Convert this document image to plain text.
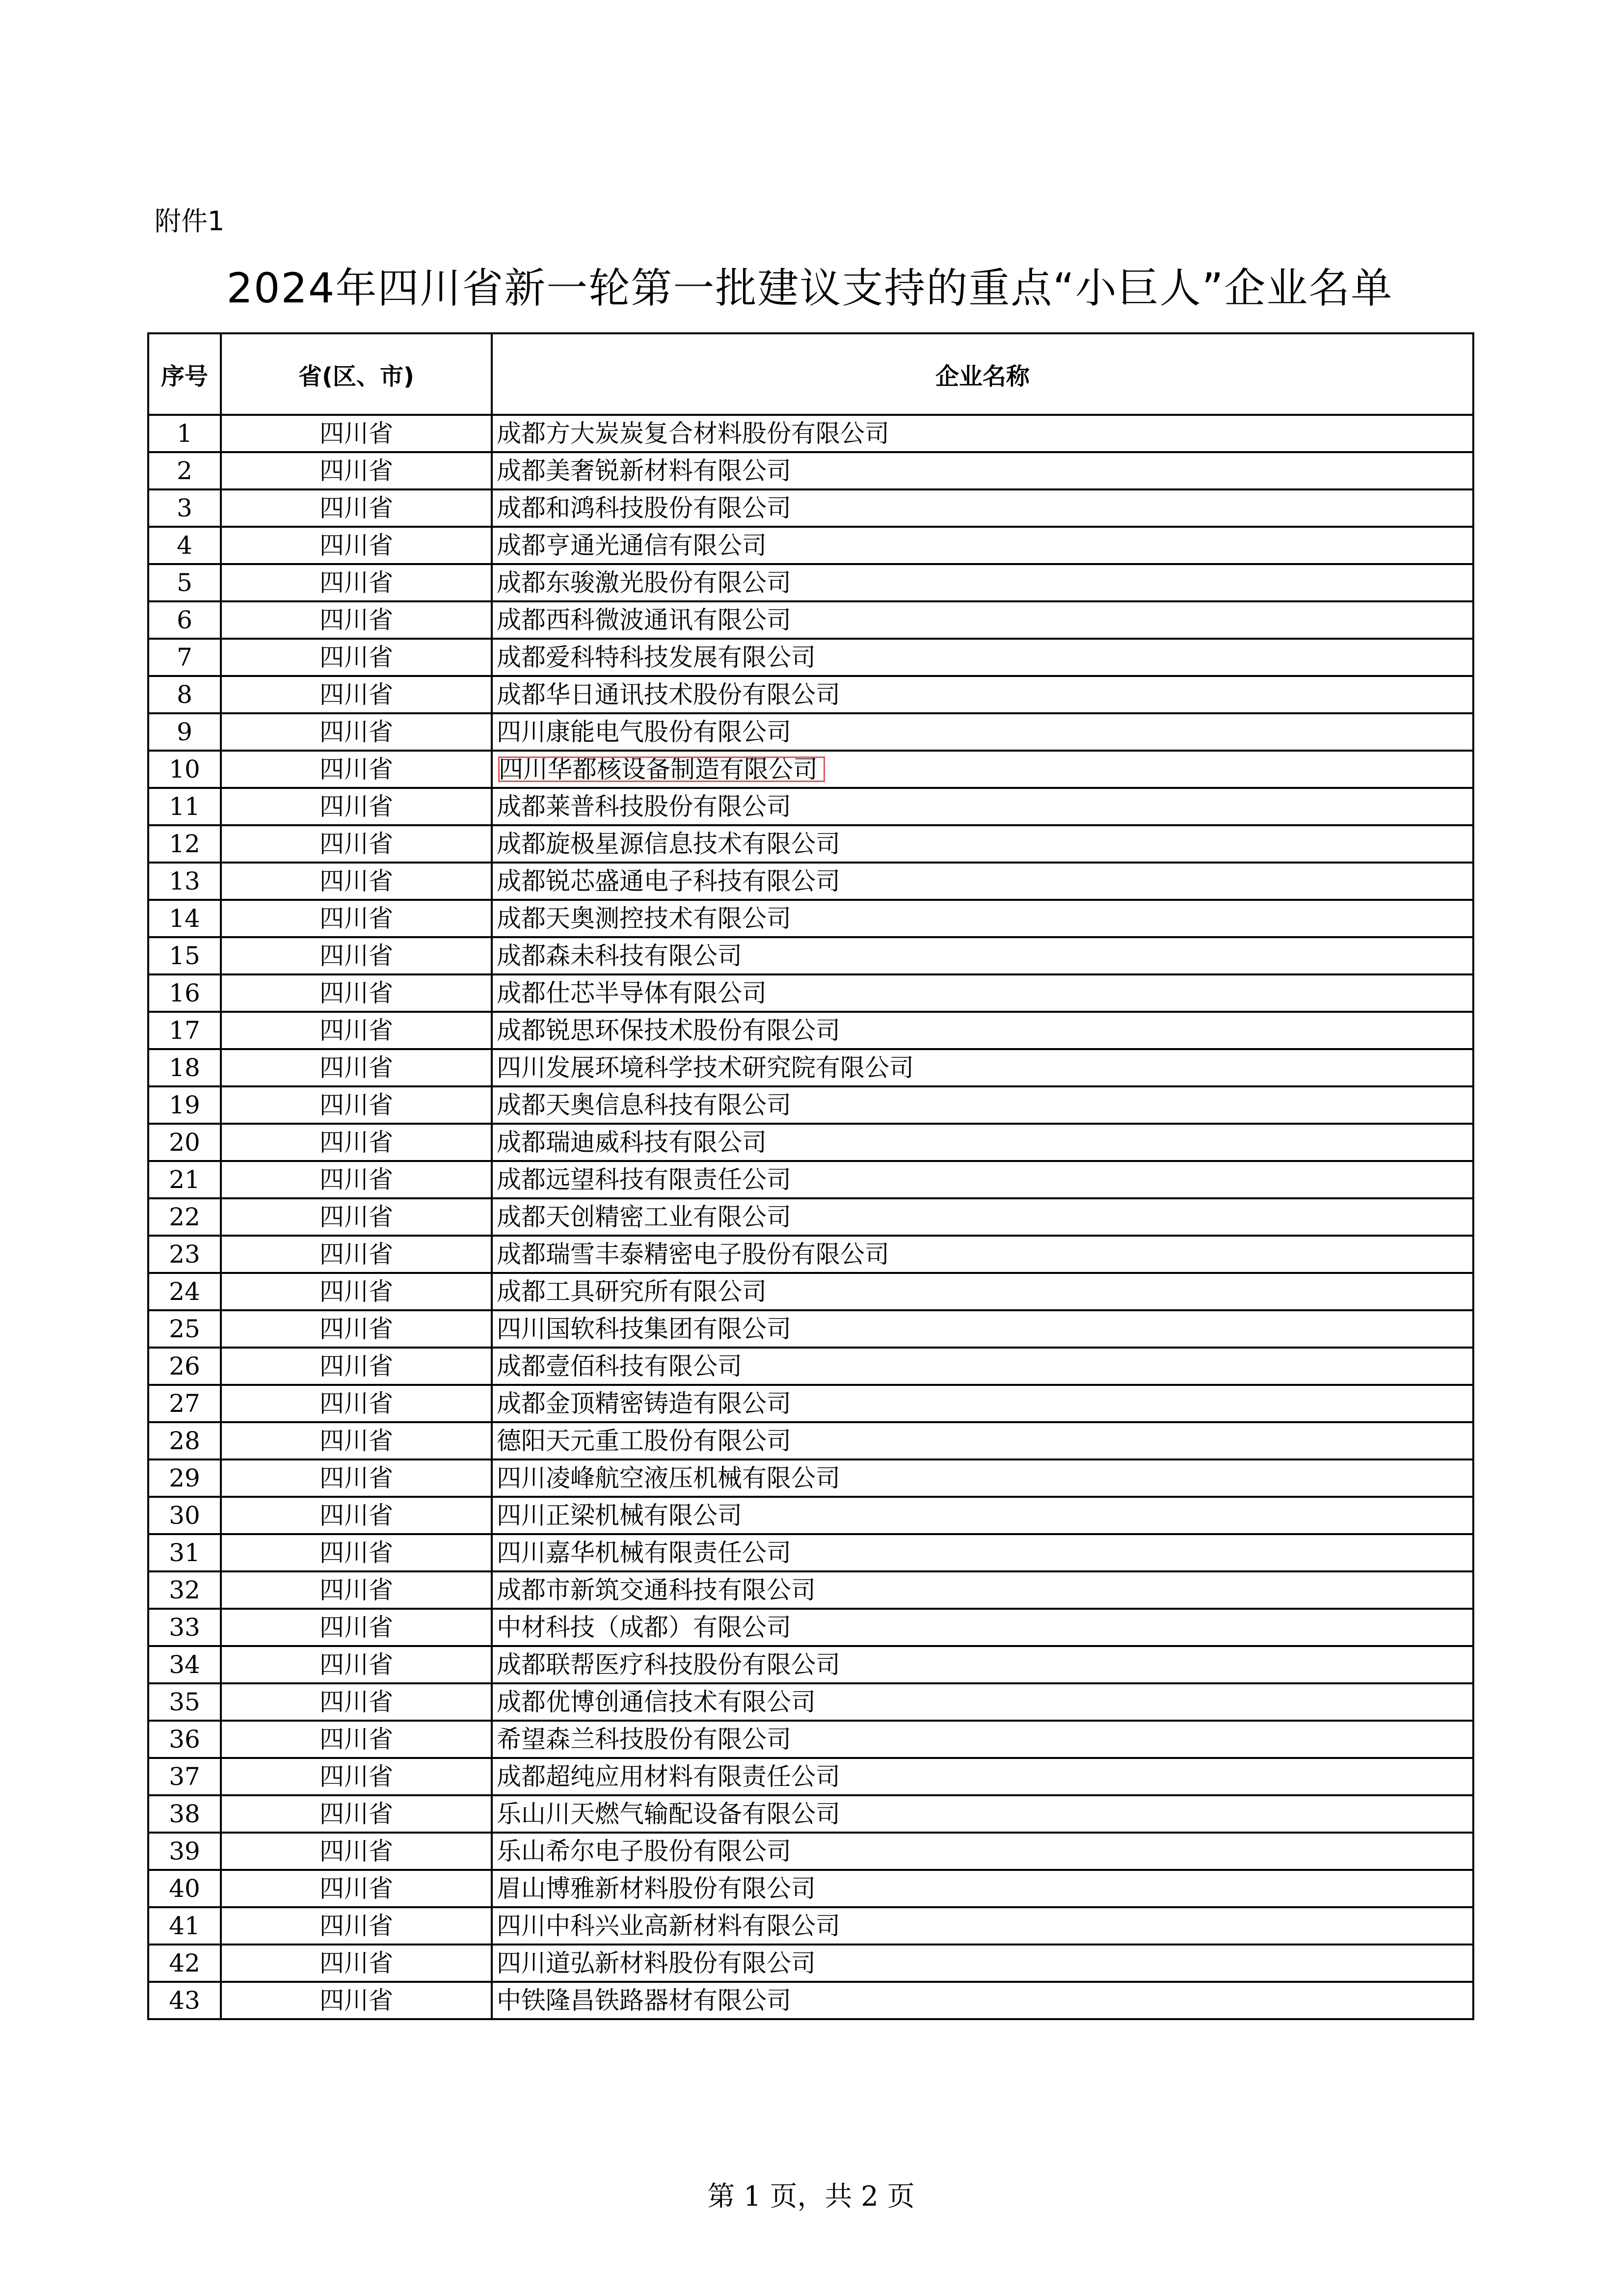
附件1
2024年四川省新一轮第一批建议支持的重点“小巨人”企业名单
序号	省(区、市)	企业名称
1	四川省	成都方大炭炭复合材料股份有限公司
2	四川省	成都美奢锐新材料有限公司
3	四川省	成都和鸿科技股份有限公司
4	四川省	成都亨通光通信有限公司
5	四川省	成都东骏激光股份有限公司
6	四川省	成都西科微波通讯有限公司
7	四川省	成都爱科特科技发展有限公司
8	四川省	成都华日通讯技术股份有限公司
9	四川省	四川康能电气股份有限公司
10	四川省	四川华都核设备制造有限公司
11	四川省	成都莱普科技股份有限公司
12	四川省	成都旋极星源信息技术有限公司
13	四川省	成都锐芯盛通电子科技有限公司
14	四川省	成都天奥测控技术有限公司
15	四川省	成都森未科技有限公司
16	四川省	成都仕芯半导体有限公司
17	四川省	成都锐思环保技术股份有限公司
18	四川省	四川发展环境科学技术研究院有限公司
19	四川省	成都天奥信息科技有限公司
20	四川省	成都瑞迪威科技有限公司
21	四川省	成都远望科技有限责任公司
22	四川省	成都天创精密工业有限公司
23	四川省	成都瑞雪丰泰精密电子股份有限公司
24	四川省	成都工具研究所有限公司
25	四川省	四川国软科技集团有限公司
26	四川省	成都壹佰科技有限公司
27	四川省	成都金顶精密铸造有限公司
28	四川省	德阳天元重工股份有限公司
29	四川省	四川凌峰航空液压机械有限公司
30	四川省	四川正梁机械有限公司
31	四川省	四川嘉华机械有限责任公司
32	四川省	成都市新筑交通科技有限公司
33	四川省	中材科技（成都）有限公司
34	四川省	成都联帮医疗科技股份有限公司
35	四川省	成都优博创通信技术有限公司
36	四川省	希望森兰科技股份有限公司
37	四川省	成都超纯应用材料有限责任公司
38	四川省	乐山川天燃气输配设备有限公司
39	四川省	乐山希尔电子股份有限公司
40	四川省	眉山博雅新材料股份有限公司
41	四川省	四川中科兴业高新材料有限公司
42	四川省	四川道弘新材料股份有限公司
43	四川省	中铁隆昌铁路器材有限公司
第 1 页，共 2 页
